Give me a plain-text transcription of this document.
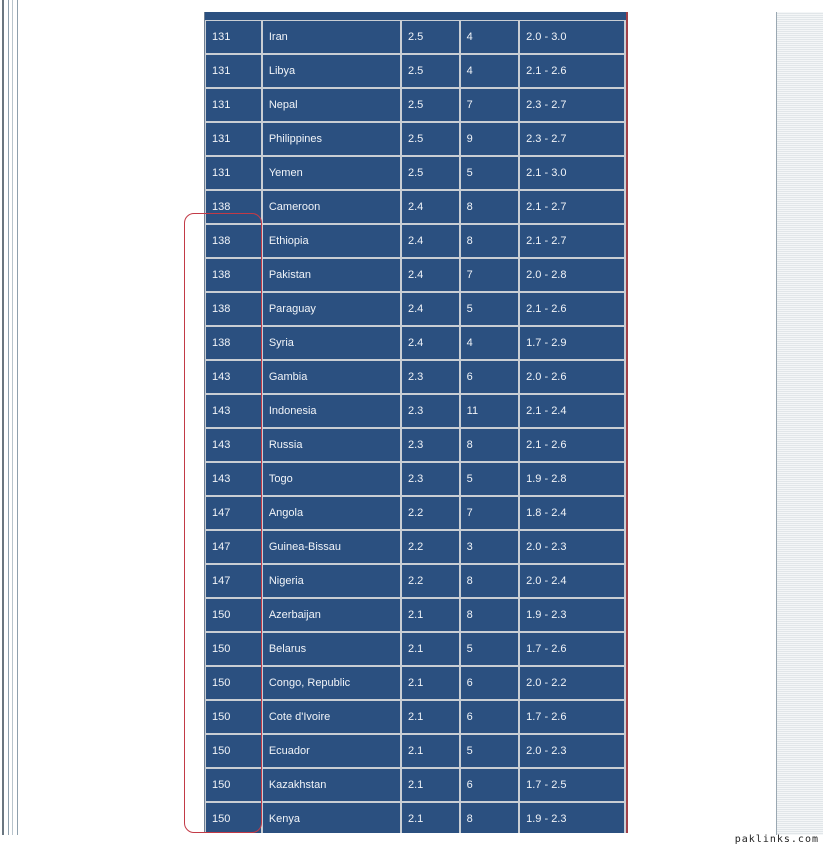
131	Iran	2.5	4	2.0 - 3.0
131	Libya	2.5	4	2.1 - 2.6
131	Nepal	2.5	7	2.3 - 2.7
131	Philippines	2.5	9	2.3 - 2.7
131	Yemen	2.5	5	2.1 - 3.0
138	Cameroon	2.4	8	2.1 - 2.7
138	Ethiopia	2.4	8	2.1 - 2.7
138	Pakistan	2.4	7	2.0 - 2.8
138	Paraguay	2.4	5	2.1 - 2.6
138	Syria	2.4	4	1.7 - 2.9
143	Gambia	2.3	6	2.0 - 2.6
143	Indonesia	2.3	11	2.1 - 2.4
143	Russia	2.3	8	2.1 - 2.6
143	Togo	2.3	5	1.9 - 2.8
147	Angola	2.2	7	1.8 - 2.4
147	Guinea-Bissau	2.2	3	2.0 - 2.3
147	Nigeria	2.2	8	2.0 - 2.4
150	Azerbaijan	2.1	8	1.9 - 2.3
150	Belarus	2.1	5	1.7 - 2.6
150	Congo, Republic	2.1	6	2.0 - 2.2
150	Cote d'Ivoire	2.1	6	1.7 - 2.6
150	Ecuador	2.1	5	2.0 - 2.3
150	Kazakhstan	2.1	6	1.7 - 2.5
150	Kenya	2.1	8	1.9 - 2.3
paklinks.com
